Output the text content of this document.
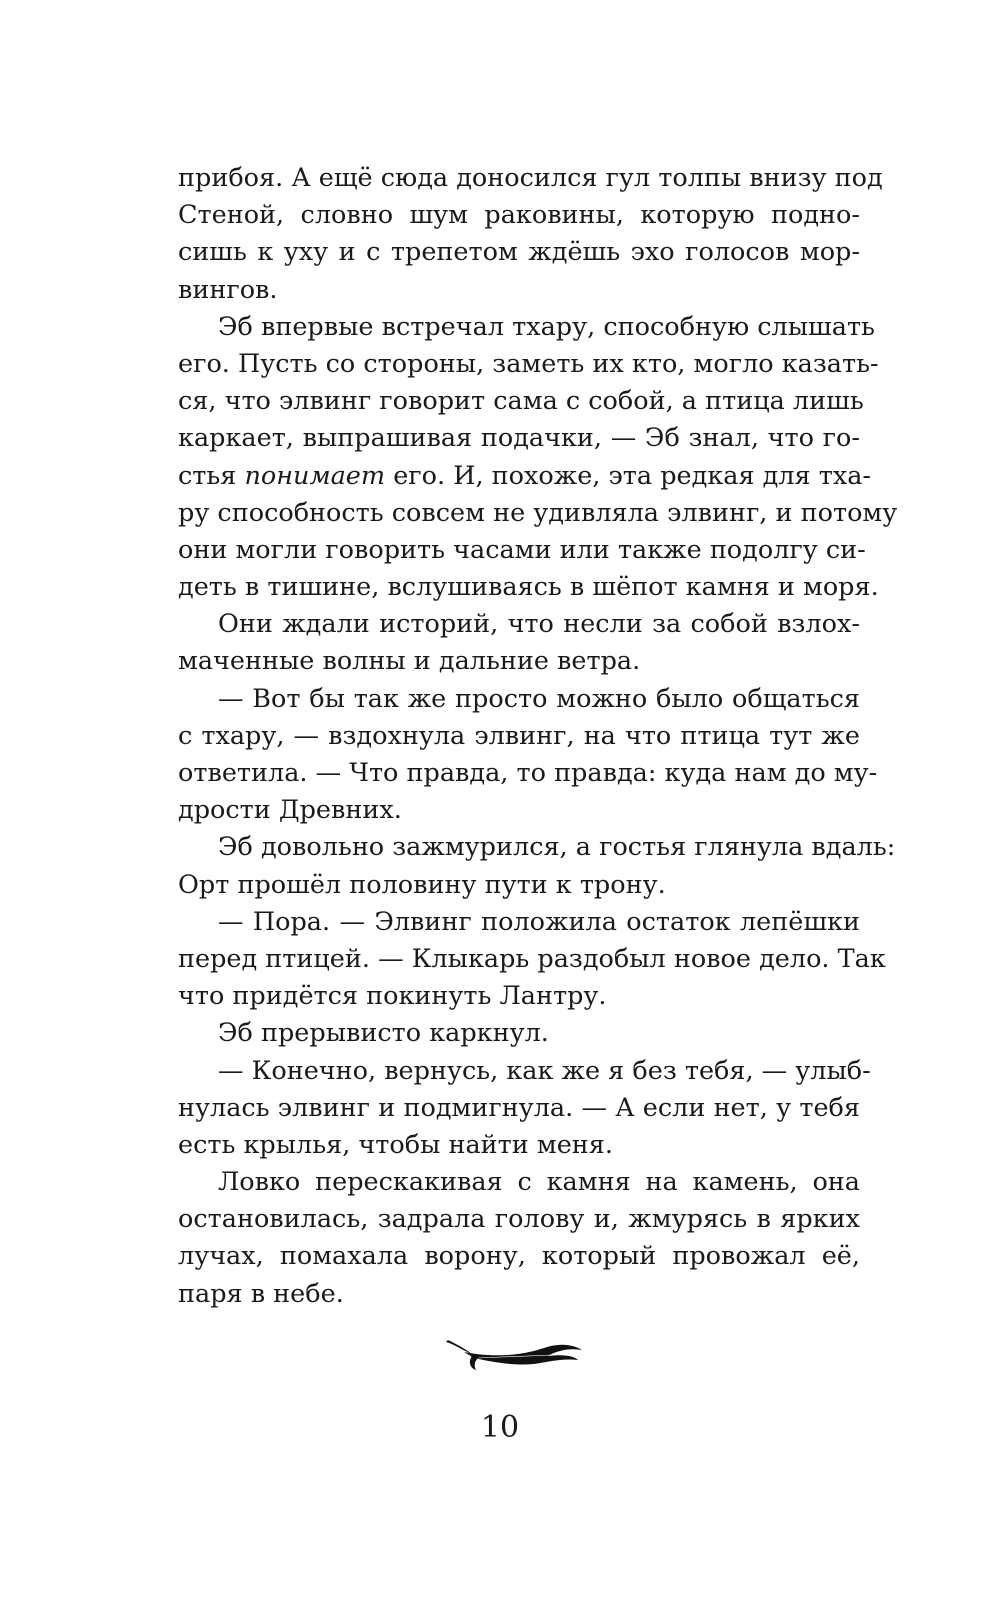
прибоя. А ещё сюда доносился гул толпы внизу под
Стеной, словно шум раковины, которую подно-
сишь к уху и с трепетом ждёшь эхо голосов мор-
вингов.
Эб впервые встречал тхару, способную слышать
его. Пусть со стороны, заметь их кто, могло казать-
ся, что элвинг говорит сама с собой, а птица лишь
каркает, выпрашивая подачки, — Эб знал, что го-
стья понимает его. И, похоже, эта редкая для тха-
ру способность совсем не удивляла элвинг, и потому
они могли говорить часами или также подолгу си-
деть в тишине, вслушиваясь в шёпот камня и моря.
Они ждали историй, что несли за собой взлох-
маченные волны и дальние ветра.
— Вот бы так же просто можно было общаться
с тхару, — вздохнула элвинг, на что птица тут же
ответила. — Что правда, то правда: куда нам до му-
дрости Древних.
Эб довольно зажмурился, а гостья глянула вдаль:
Орт прошёл половину пути к трону.
— Пора. — Элвинг положила остаток лепёшки
перед птицей. — Клыкарь раздобыл новое дело. Так
что придётся покинуть Лантру.
Эб прерывисто каркнул.
— Конечно, вернусь, как же я без тебя, — улыб-
нулась элвинг и подмигнула. — А если нет, у тебя
есть крылья, чтобы найти меня.
Ловко перескакивая с камня на камень, она
остановилась, задрала голову и, жмурясь в ярких
лучах, помахала ворону, который провожал её,
паря в небе.
10
